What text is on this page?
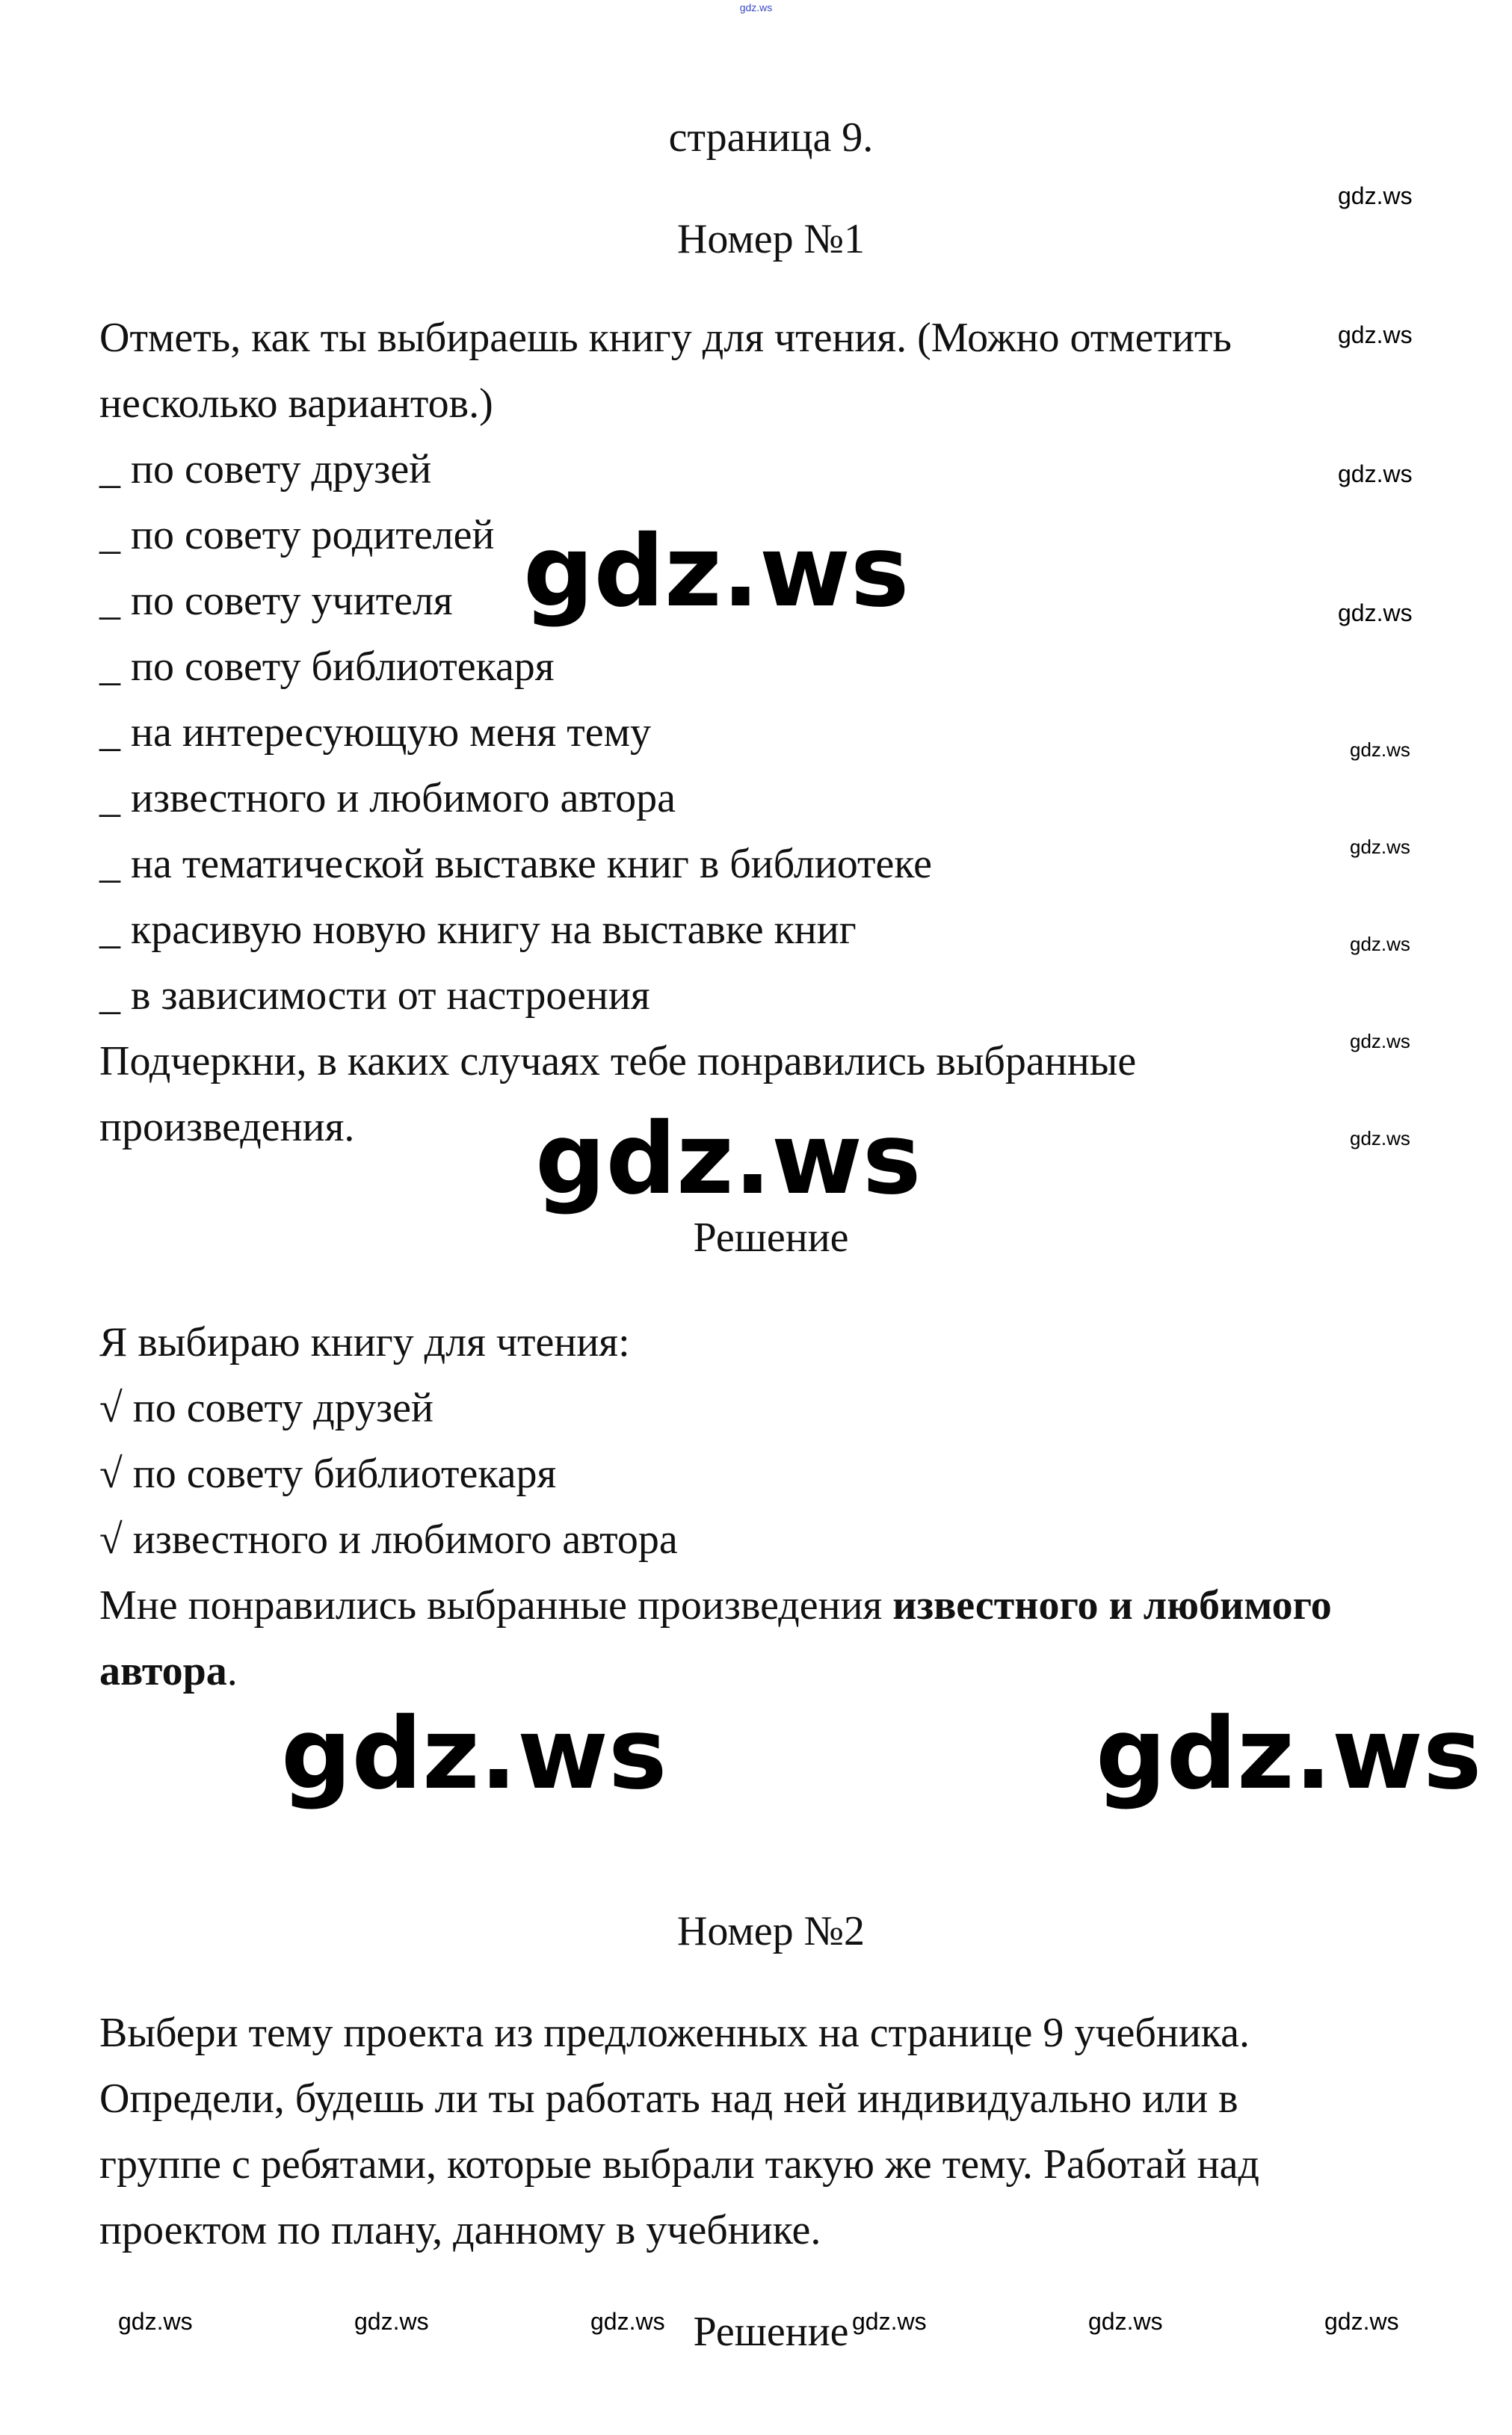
gdz.ws
страница 9.
Номер №1
Отметь, как ты выбираешь книгу для чтения. (Можно отметить
несколько вариантов.)
_ по совету друзей
_ по совету родителей
_ по совету учителя
_ по совету библиотекаря
_ на интересующую меня тему
_ известного и любимого автора
_ на тематической выставке книг в библиотеке
_ красивую новую книгу на выставке книг
_ в зависимости от настроения
Подчеркни, в каких случаях тебе понравились выбранные
произведения.
Решение
Я выбираю книгу для чтения:
√ по совету друзей
√ по совету библиотекаря
√ известного и любимого автора
Мне понравились выбранные произведения известного и любимого
автора.
Номер №2
Выбери тему проекта из предложенных на странице 9 учебника.
Определи, будешь ли ты работать над ней индивидуально или в
группе с ребятами, которые выбрали такую же тему. Работай над
проектом по плану, данному в учебнике.
Решение
gdz.ws
gdz.ws
gdz.ws	gdz.ws
gdz.ws
gdz.ws
gdz.ws
gdz.ws
gdz.ws
gdz.ws
gdz.ws
gdz.ws
gdz.ws
gdz.ws	gdz.ws	gdz.ws	gdz.ws	gdz.ws	gdz.ws
